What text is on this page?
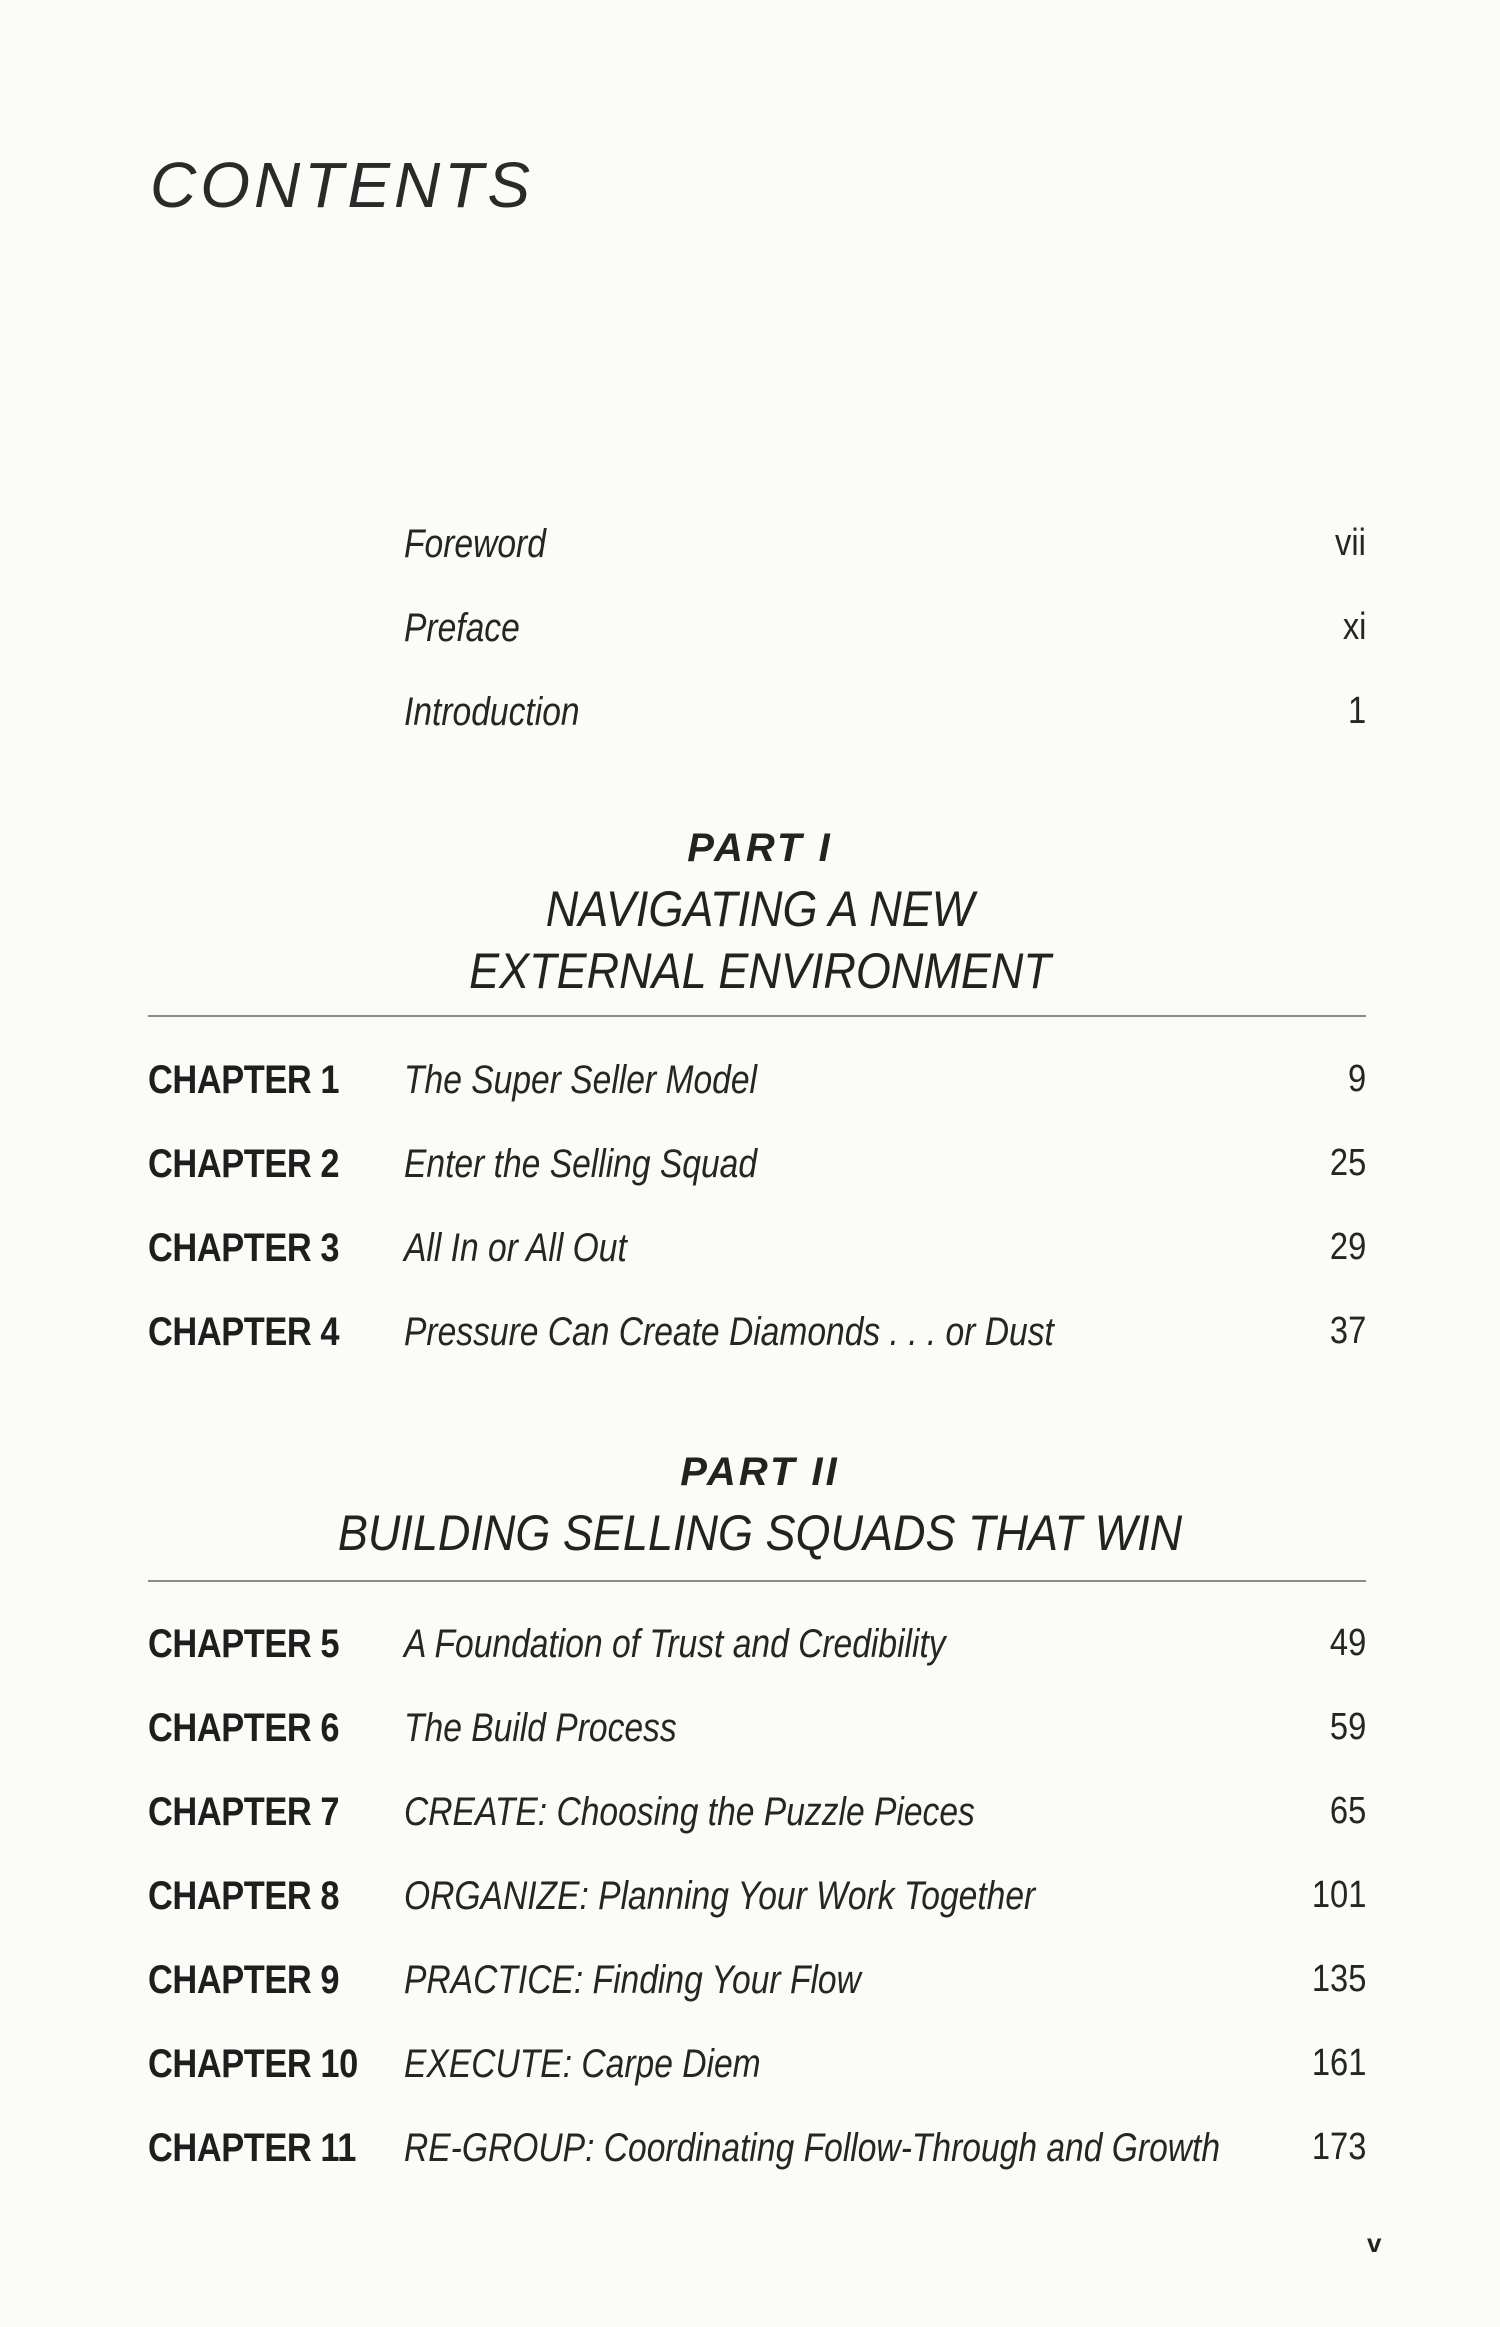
CONTENTS
Foreword	vii
Preface	xi
Introduction	1
PART I
NAVIGATING A NEW
EXTERNAL ENVIRONMENT
CHAPTER 1 The Super Seller Model	9
CHAPTER 2 Enter the Selling Squad	25
CHAPTER 3 All In or All Out	29
CHAPTER 4 Pressure Can Create Diamonds . . . or Dust	37
PART II
BUILDING SELLING SQUADS THAT WIN
CHAPTER 5 A Foundation of Trust and Credibility	49
CHAPTER 6 The Build Process	59
CHAPTER 7 CREATE: Choosing the Puzzle Pieces	65
CHAPTER 8 ORGANIZE: Planning Your Work Together	101
CHAPTER 9 PRACTICE: Finding Your Flow	135
CHAPTER 10 EXECUTE: Carpe Diem	161
CHAPTER 11 RE-GROUP: Coordinating Follow-Through and Growth 173
v
